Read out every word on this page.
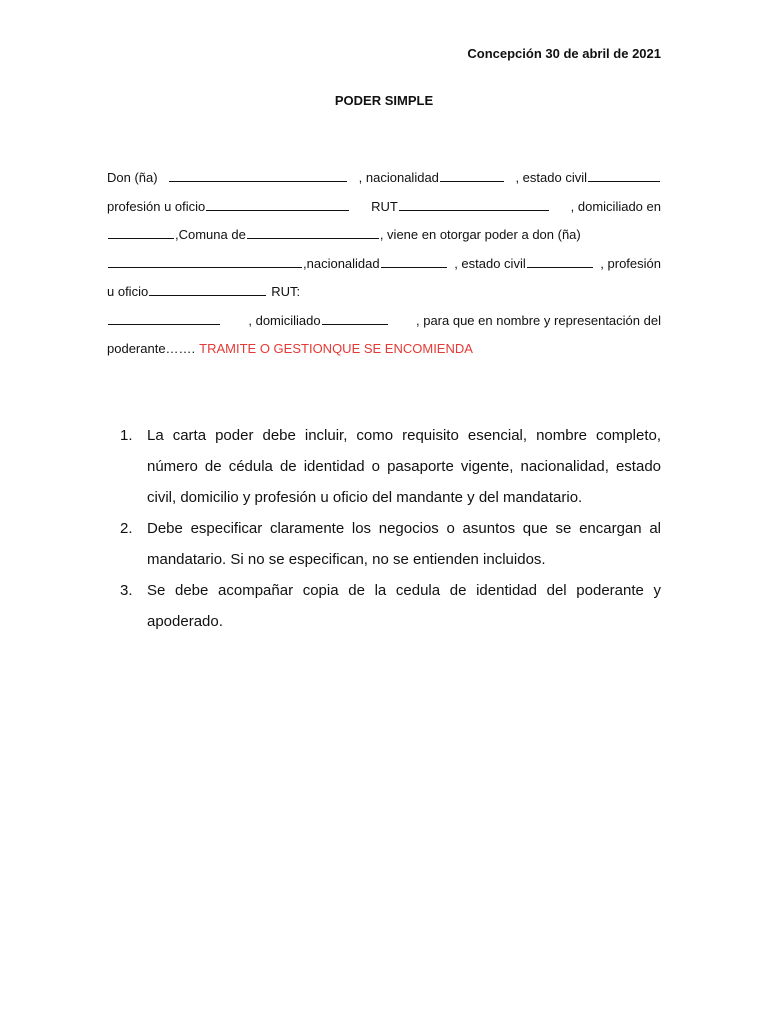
Concepción 30 de abril de 2021
PODER SIMPLE
Don (ña)	, nacionalidad	, estado civil
profesión u oficio	RUT	, domiciliado en
,Comuna de	, viene en otorgar poder a don (ña)
,nacionalidad	, estado civil	, profesión
u oficio	RUT:
, domiciliado	, para que en nombre y representación del
poderante……. TRAMITE O GESTIONQUE SE ENCOMIENDA
1. La carta poder debe incluir, como requisito esencial, nombre completo, número de cédula de identidad o pasaporte vigente, nacionalidad, estado civil, domicilio y profesión u oficio del mandante y del mandatario.
2. Debe especificar claramente los negocios o asuntos que se encargan al mandatario. Si no se especifican, no se entienden incluidos.
3. Se debe acompañar copia de la cedula de identidad del poderante y apoderado.
